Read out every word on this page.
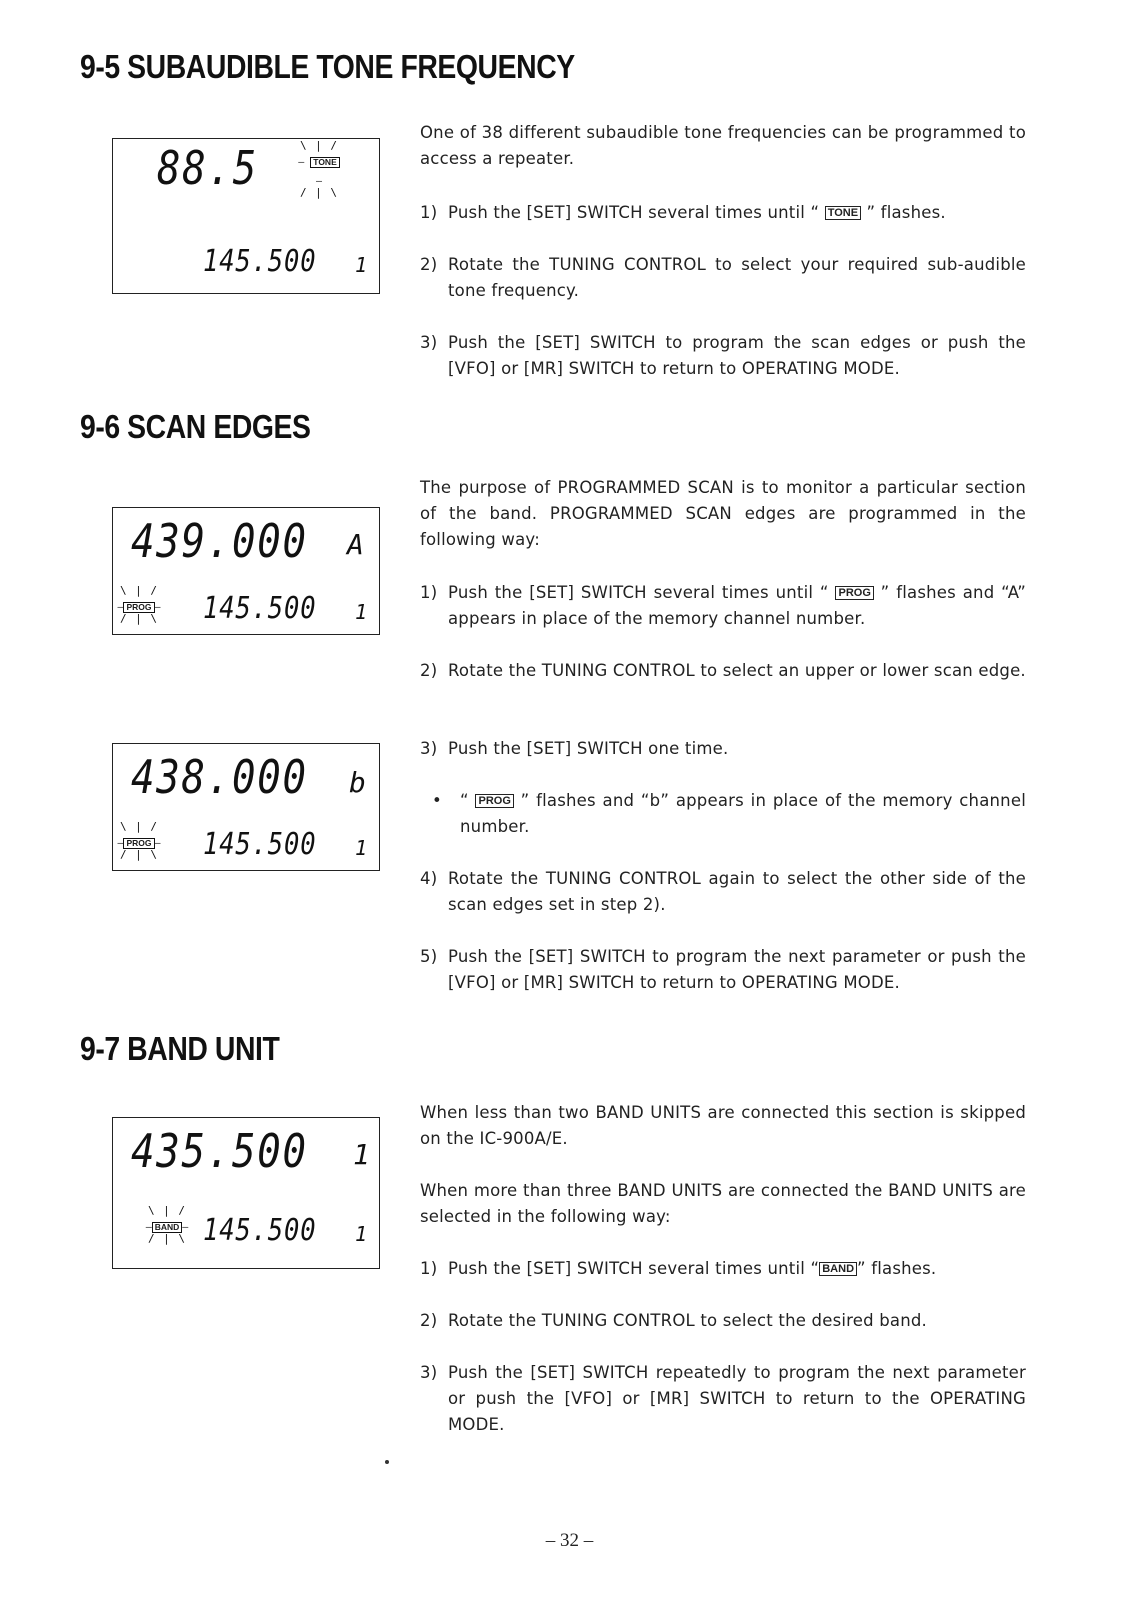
9-5 SUBAUDIBLE TONE FREQUENCY
88.5	\ | /
– TONE –
/ | \
145.500 1

One of 38 different subaudible tone frequencies can be programmed to access a repeater.

1) Push the [SET] SWITCH several times until “ TONE ” flashes.

2) Rotate the TUNING CONTROL to select your required sub-audible tone frequency.

3) Push the [SET] SWITCH to program the scan edges or push the [VFO] or [MR] SWITCH to return to OPERATING MODE.

9-6 SCAN EDGES
439.000 A
\ | /
– PROG –
/ | \ 145.500 1
438.000 b
\ | /
– PROG –
/ | \ 145.500 1

The purpose of PROGRAMMED SCAN is to monitor a particular section of the band. PROGRAMMED SCAN edges are programmed in the following way:

1) Push the [SET] SWITCH several times until “ PROG ” flashes and “A” appears in place of the memory channel number.

2) Rotate the TUNING CONTROL to select an upper or lower scan edge.

3) Push the [SET] SWITCH one time.

• “ PROG ” flashes and “b” appears in place of the memory channel number.

4) Rotate the TUNING CONTROL again to select the other side of the scan edges set in step 2).

5) Push the [SET] SWITCH to program the next parameter or push the [VFO] or [MR] SWITCH to return to OPERATING MODE.

9-7 BAND UNIT
435.500 1
\ | /
– BAND –
/ | \ 145.500 1

When less than two BAND UNITS are connected this section is skipped on the IC-900A/E.

When more than three BAND UNITS are connected the BAND UNITS are selected in the following way:

1) Push the [SET] SWITCH several times until “ BAND ” flashes.

2) Rotate the TUNING CONTROL to select the desired band.

3) Push the [SET] SWITCH repeatedly to program the next parameter or push the [VFO] or [MR] SWITCH to return to the OPERATING MODE.

– 32 –
